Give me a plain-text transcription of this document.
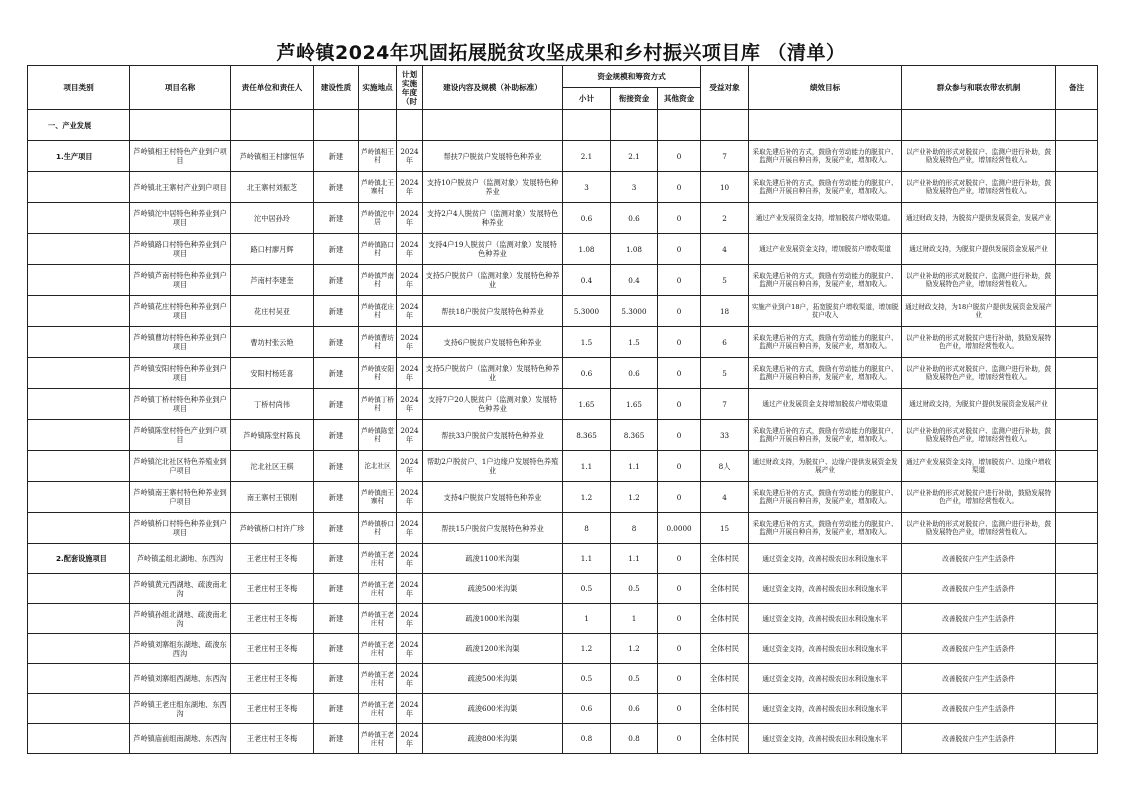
芦岭镇2024年巩固拓展脱贫攻坚成果和乡村振兴项目库 （清单）
项目类别	项目名称	责任单位和责任人	建设性质	实施地点	计划实施年度（时	建设内容及规模（补助标准）	资金规模和筹资方式			受益对象	绩效目标	群众参与和联农带农机制	备注
							小计	衔接资金	其他资金				
一、产业发展													
1.生产项目	芦岭镇相王村特色产业到户项目	芦岭镇相王村廖恒华	新建	芦岭镇相王村	2024年	帮扶7户脱贫户发展特色种养业	2.1	2.1	0	7	采取先建后补的方式，鼓励有劳动能力的脱贫户、监测户开展自种自养，发展产业，增加收入。	以产业补助的形式对脱贫户、监测户进行补助，鼓励发展特色产业，增加经营性收入。	
	芦岭镇北王寨村产业到户项目	北王寨村刘振芝	新建	芦岭镇北王寨村	2024年	支持10户脱贫户（监测对象）发展特色种养业	3	3	0	10	采取先建后补的方式，鼓励有劳动能力的脱贫户、监测户开展自种自养，发展产业，增加收入。	以产业补助的形式对脱贫户、监测户进行补助，鼓励发展特色产业，增加经营性收入。	
	芦岭镇沱中居特色种养业到户项目	沱中居孙玲	新建	芦岭镇沱中居	2024年	支持2户4人脱贫户（监测对象）发展特色种养业	0.6	0.6	0	2	通过产业发展资金支持，增加脱贫户增收渠道。	通过财政支持，为脱贫户提供发展资金，发展产业	
	芦岭镇路口村特色种养业到户项目	路口村廖月辉	新建	芦岭镇路口村	2024年	支持4户19人脱贫户（监测对象）发展特色种养业	1.08	1.08	0	4	通过产业发展资金支持，增加脱贫户增收渠道	通过财政支持，为脱贫户提供发展资金发展产业	
	芦岭镇芦南村特色种养业到户项目	芦南村李建奎	新建	芦岭镇芦南村	2024年	支持5户脱贫户（监测对象）发展特色种养业	0.4	0.4	0	5	采取先建后补的方式，鼓励有劳动能力的脱贫户、监测户开展自种自养，发展产业，增加收入。	以产业补助的形式对脱贫户、监测户进行补助，鼓励发展特色产业，增加经营性收入。	
	芦岭镇花庄村特色种养业到户项目	花庄村吴亚	新建	芦岭镇花庄村	2024年	帮扶18户脱贫户发展特色种养业	5.3000	5.3000	0	18	实施产业到户18户，拓宽脱贫户增收渠道，增加脱贫户收入	通过财政支持，为18户脱贫户提供发展资金发展产业	
	芦岭镇曹坊村特色种养业到户项目	曹坊村张云艳	新建	芦岭镇曹坊村	2024年	支持6户脱贫户发展特色种养业	1.5	1.5	0	6	采取先建后补的方式，鼓励有劳动能力的脱贫户、监测户开展自种自养，发展产业，增加收入。	以产业补助的形式对脱贫户进行补助，鼓励发展特色产业，增加经营性收入。	
	芦岭镇安阳村特色种养业到户项目	安阳村杨廷喜	新建	芦岭镇安阳村	2024年	支持5户脱贫户（监测对象）发展特色种养业	0.6	0.6	0	5	采取先建后补的方式，鼓励有劳动能力的脱贫户、监测户开展自种自养，发展产业，增加收入。	以产业补助的形式对脱贫户、监测户进行补助，鼓励发展特色产业，增加经营性收入。	
	芦岭镇丁桥村特色种养业到户项目	丁桥村尚伟	新建	芦岭镇丁桥村	2024年	支持7户20人脱贫户（监测对象）发展特色种养业	1.65	1.65	0	7	通过产业发展资金支持增加脱贫户增收渠道	通过财政支持，为脱贫户提供发展资金发展产业	
	芦岭镇陈堂村特色产业到户项目	芦岭镇陈堂村陈良	新建	芦岭镇陈堂村	2024年	帮扶33户脱贫户发展特色种养业	8.365	8.365	0	33	采取先建后补的方式，鼓励有劳动能力的脱贫户、监测户开展自种自养，发展产业，增加收入。	以产业补助的形式对脱贫户、监测户进行补助，鼓励发展特色产业，增加经营性收入。	
	芦岭镇沱北社区特色养殖业到户项目	沱北社区王棋	新建	沱北社区	2024年	帮助2户脱贫户、1户边缘户发展特色养殖业	1.1	1.1	0	8人	通过财政支持，为脱贫户、边缘户提供发展资金发展产业	通过产业发展资金支持，增加脱贫户、边缘户增收渠道	
	芦岭镇南王寨村特色种养业到户项目	南王寨村王银刚	新建	芦岭镇南王寨村	2024年	支持4户脱贫户发展特色种养业	1.2	1.2	0	4	采取先建后补的方式，鼓励有劳动能力的脱贫户、监测户开展自种自养，发展产业，增加收入。	以产业补助的形式对脱贫户进行补助，鼓励发展特色产业，增加经营性收入。	
	芦岭镇桥口村特色种养业到户项目	芦岭镇桥口村许广珍	新建	芦岭镇桥口村	2024年	帮扶15户脱贫户发展特色种养业	8	8	0.0000	15	采取先建后补的方式，鼓励有劳动能力的脱贫户、监测户开展自种自养，发展产业，增加收入。	以产业补助的形式对脱贫户、监测户进行补助，鼓励发展特色产业，增加经营性收入。	
2.配套设施项目	芦岭镇孟组北湖地、东西沟	王老庄村王冬梅	新建	芦岭镇王老庄村	2024年	疏浚1100米沟渠	1.1	1.1	0	全体村民	通过资金支持，改善村级农田水利设施水平	改善脱贫户生产生活条件	
	芦岭镇黄元西湖地、疏浚南北沟	王老庄村王冬梅	新建	芦岭镇王老庄村	2024年	疏浚500米沟渠	0.5	0.5	0	全体村民	通过资金支持，改善村级农田水利设施水平	改善脱贫户生产生活条件	
	芦岭镇孙组北湖地、疏浚南北沟	王老庄村王冬梅	新建	芦岭镇王老庄村	2024年	疏浚1000米沟渠	1	1	0	全体村民	通过资金支持，改善村级农田水利设施水平	改善脱贫户生产生活条件	
	芦岭镇刘寨组东湖地、疏浚东西沟	王老庄村王冬梅	新建	芦岭镇王老庄村	2024年	疏浚1200米沟渠	1.2	1.2	0	全体村民	通过资金支持，改善村级农田水利设施水平	改善脱贫户生产生活条件	
	芦岭镇刘寨组西湖地、东西沟	王老庄村王冬梅	新建	芦岭镇王老庄村	2024年	疏浚500米沟渠	0.5	0.5	0	全体村民	通过资金支持，改善村级农田水利设施水平	改善脱贫户生产生活条件	
	芦岭镇王老庄组东湖地、东西沟	王老庄村王冬梅	新建	芦岭镇王老庄村	2024年	疏浚600米沟渠	0.6	0.6	0	全体村民	通过资金支持，改善村级农田水利设施水平	改善脱贫户生产生活条件	
	芦岭镇庙前组南湖地、东西沟	王老庄村王冬梅	新建	芦岭镇王老庄村	2024年	疏浚800米沟渠	0.8	0.8	0	全体村民	通过资金支持，改善村级农田水利设施水平	改善脱贫户生产生活条件	
